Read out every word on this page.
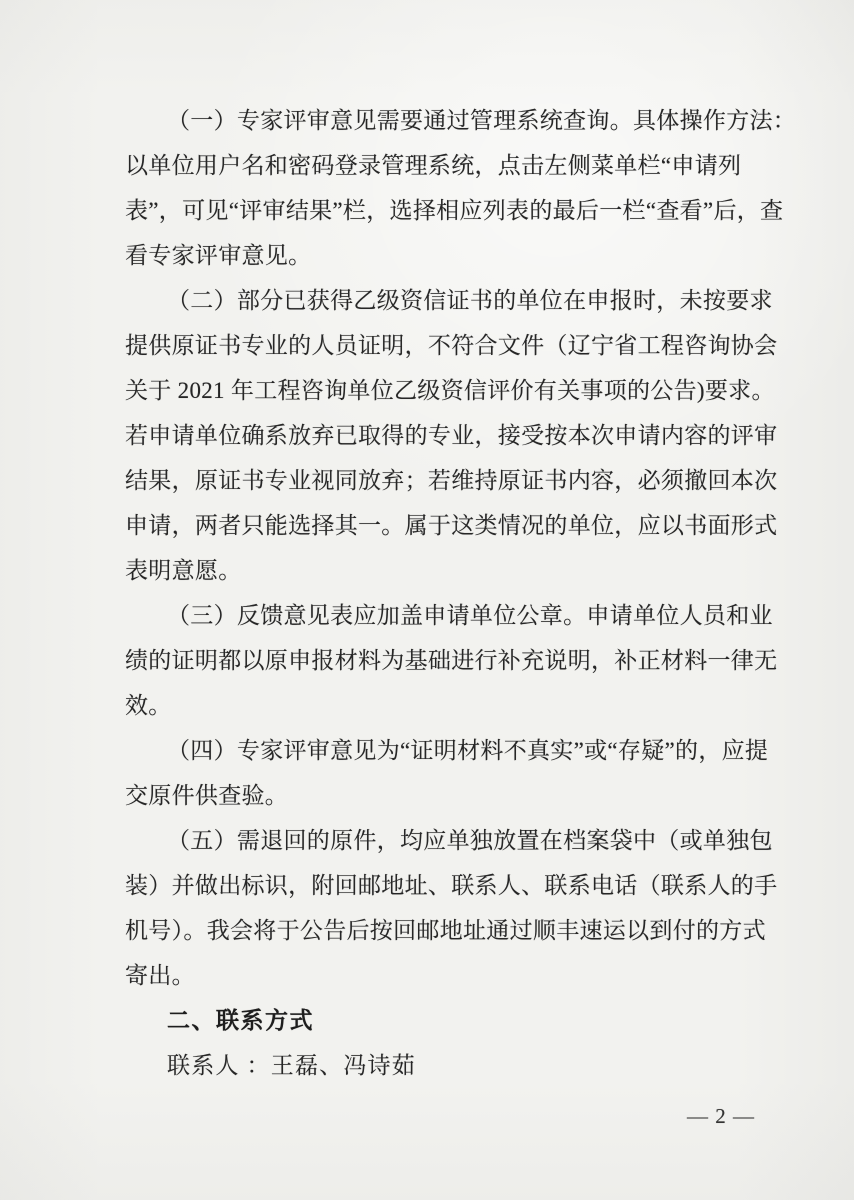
（一）专家评审意见需要通过管理系统查询。具体操作方法：
以单位用户名和密码登录管理系统，点击左侧菜单栏“申请列
表”，可见“评审结果”栏，选择相应列表的最后一栏“查看”后，查
看专家评审意见。
（二）部分已获得乙级资信证书的单位在申报时，未按要求
提供原证书专业的人员证明，不符合文件（辽宁省工程咨询协会
关于 2021 年工程咨询单位乙级资信评价有关事项的公告)要求。
若申请单位确系放弃已取得的专业，接受按本次申请内容的评审
结果，原证书专业视同放弃；若维持原证书内容，必须撤回本次
申请，两者只能选择其一。属于这类情况的单位，应以书面形式
表明意愿。
（三）反馈意见表应加盖申请单位公章。申请单位人员和业
绩的证明都以原申报材料为基础进行补充说明，补正材料一律无
效。
（四）专家评审意见为“证明材料不真实”或“存疑”的，应提
交原件供查验。
（五）需退回的原件，均应单独放置在档案袋中（或单独包
装）并做出标识，附回邮地址、联系人、联系电话（联系人的手
机号）。我会将于公告后按回邮地址通过顺丰速运以到付的方式
寄出。
二、联系方式
联系人 ：王磊、冯诗茹
— 2 —
